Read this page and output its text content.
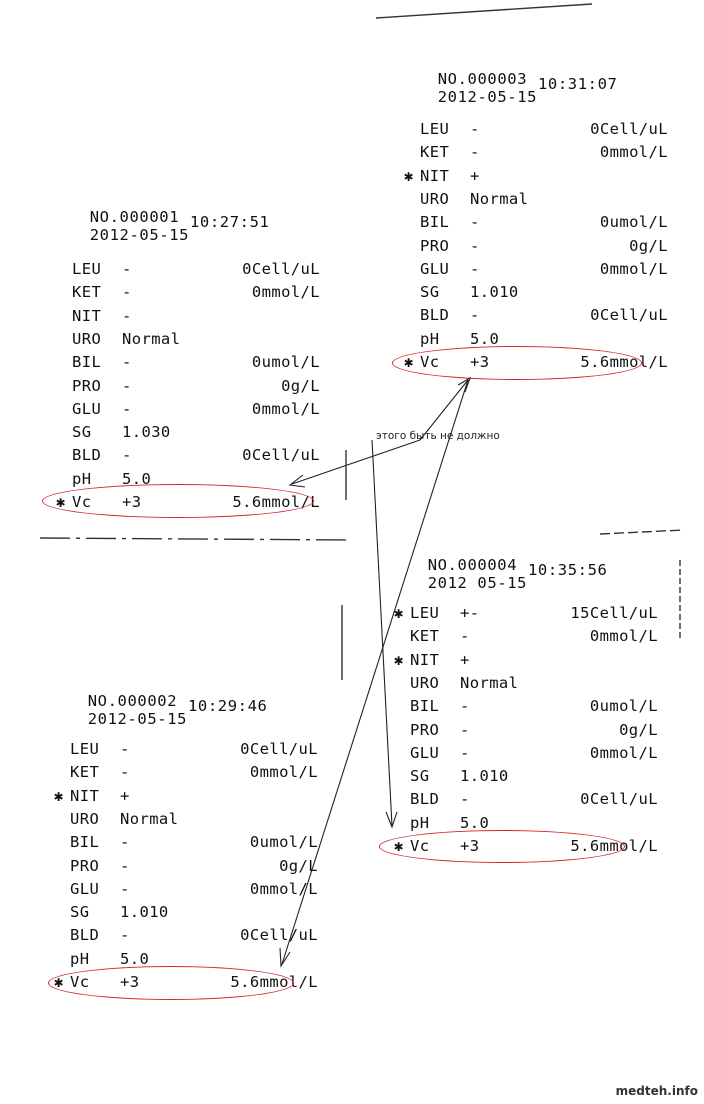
NO.000001
2012-05-15

10:27:51
LEU -	0Cell/uL
KET -	0mmol/L
NIT -
URO Normal
BIL -	0umol/L
PRO -	0g/L
GLU -	0mmol/L
SG 1.030
BLD -	0Cell/uL
pH 5.0
✱ Vc +3	5.6mmol/L

NO.000002
2012-05-15

10:29:46
LEU -	0Cell/uL
KET -	0mmol/L
✱ NIT +
URO Normal
BIL -	0umol/L
PRO -	0g/L
GLU -	0mmol/L
SG 1.010
BLD -	0Cell/uL
pH 5.0
✱ Vc +3	5.6mmol/L

NO.000003
2012-05-15

10:31:07
LEU -	0Cell/uL
KET -	0mmol/L
✱ NIT +
URO Normal
BIL -	0umol/L
PRO -	0g/L
GLU -	0mmol/L
SG 1.010
BLD -	0Cell/uL
pH 5.0
✱ Vc +3	5.6mmol/L

NO.000004
2012 05-15

10:35:56
✱ LEU +-	15Cell/uL
KET -	0mmol/L
✱ NIT +
URO Normal
BIL -	0umol/L
PRO -	0g/L
GLU -	0mmol/L
SG 1.010
BLD -	0Cell/uL
pH 5.0
✱ Vc +3	5.6mmol/L
этого быть не должно
medteh.info
